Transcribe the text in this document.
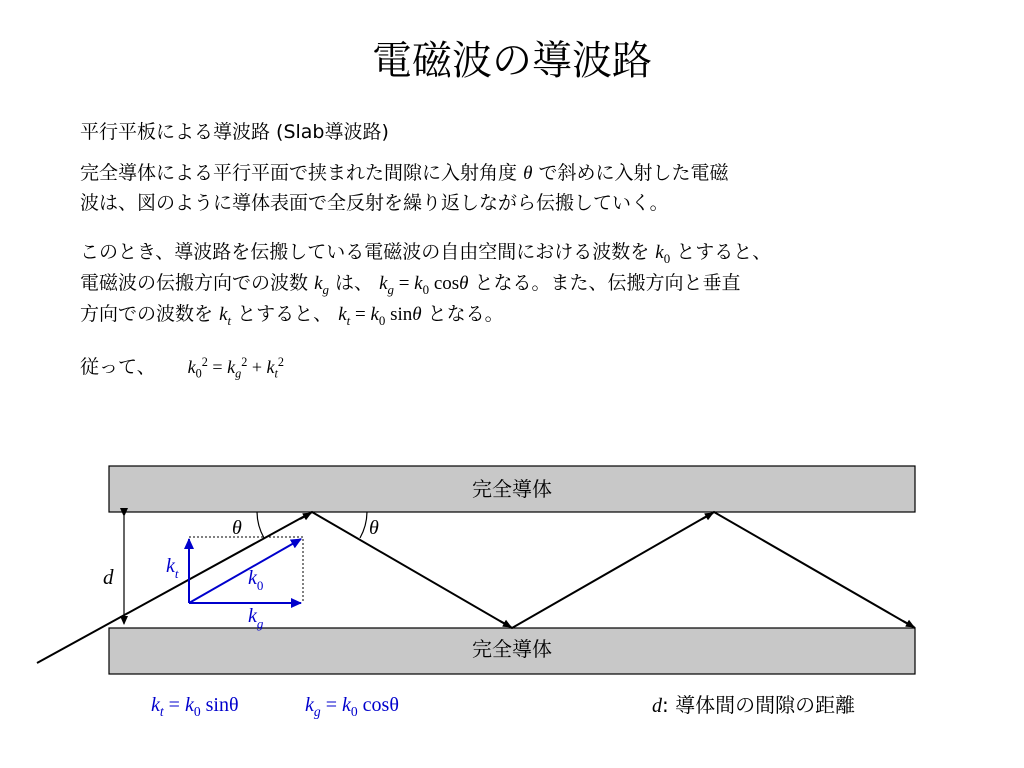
電磁波の導波路
平行平板による導波路 (Slab導波路)
完全導体による平行平面で挟まれた間隙に入射角度 θ で斜めに入射した電磁
波は、図のように導体表面で全反射を繰り返しながら伝搬していく。
このとき、導波路を伝搬している電磁波の自由空間における波数を $k_0$ とすると、
電磁波の伝搬方向での波数 $k_g$ は、 $k_g = k_0$ cosθ となる。また、伝搬方向と垂直
方向での波数を $k_t$ とすると、 $k_t = k_0$ sinθ となる。
従って、 $k_0^2 = k_g^2 + k_t^2$
完全導体
完全導体
θ	θ
d	$k_t$	$k_0$
$k_g$
$k_t = k_0$ sinθ	$k_g = k_0$ cosθ	d: 導体間の間隙の距離
